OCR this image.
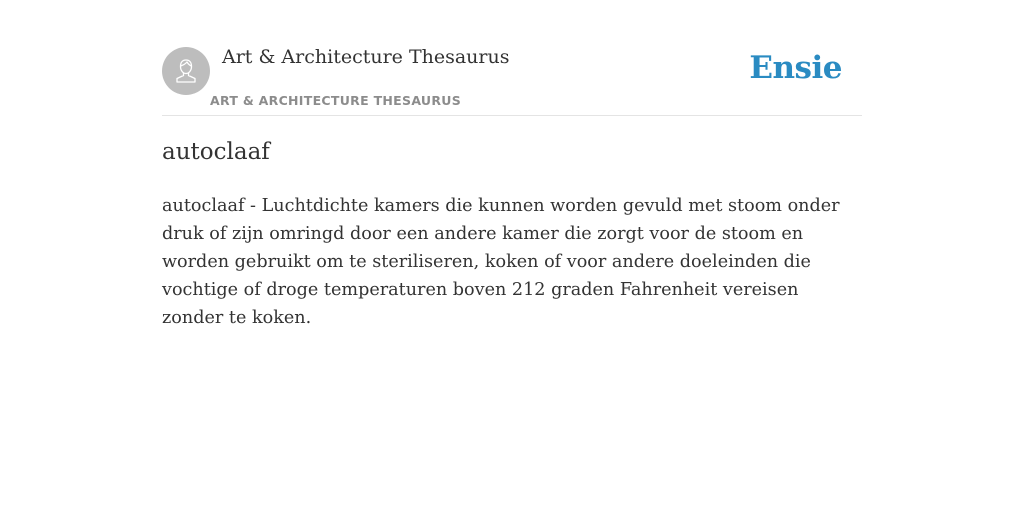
Art & Architecture Thesaurus
ART & ARCHITECTURE THESAURUS
Ensie
autoclaaf

autoclaaf - Luchtdichte kamers die kunnen worden gevuld met stoom onder druk of zijn omringd door een andere kamer die zorgt voor de stoom en worden gebruikt om te steriliseren, koken of voor andere doeleinden die vochtige of droge temperaturen boven 212 graden Fahrenheit vereisen zonder te koken.
